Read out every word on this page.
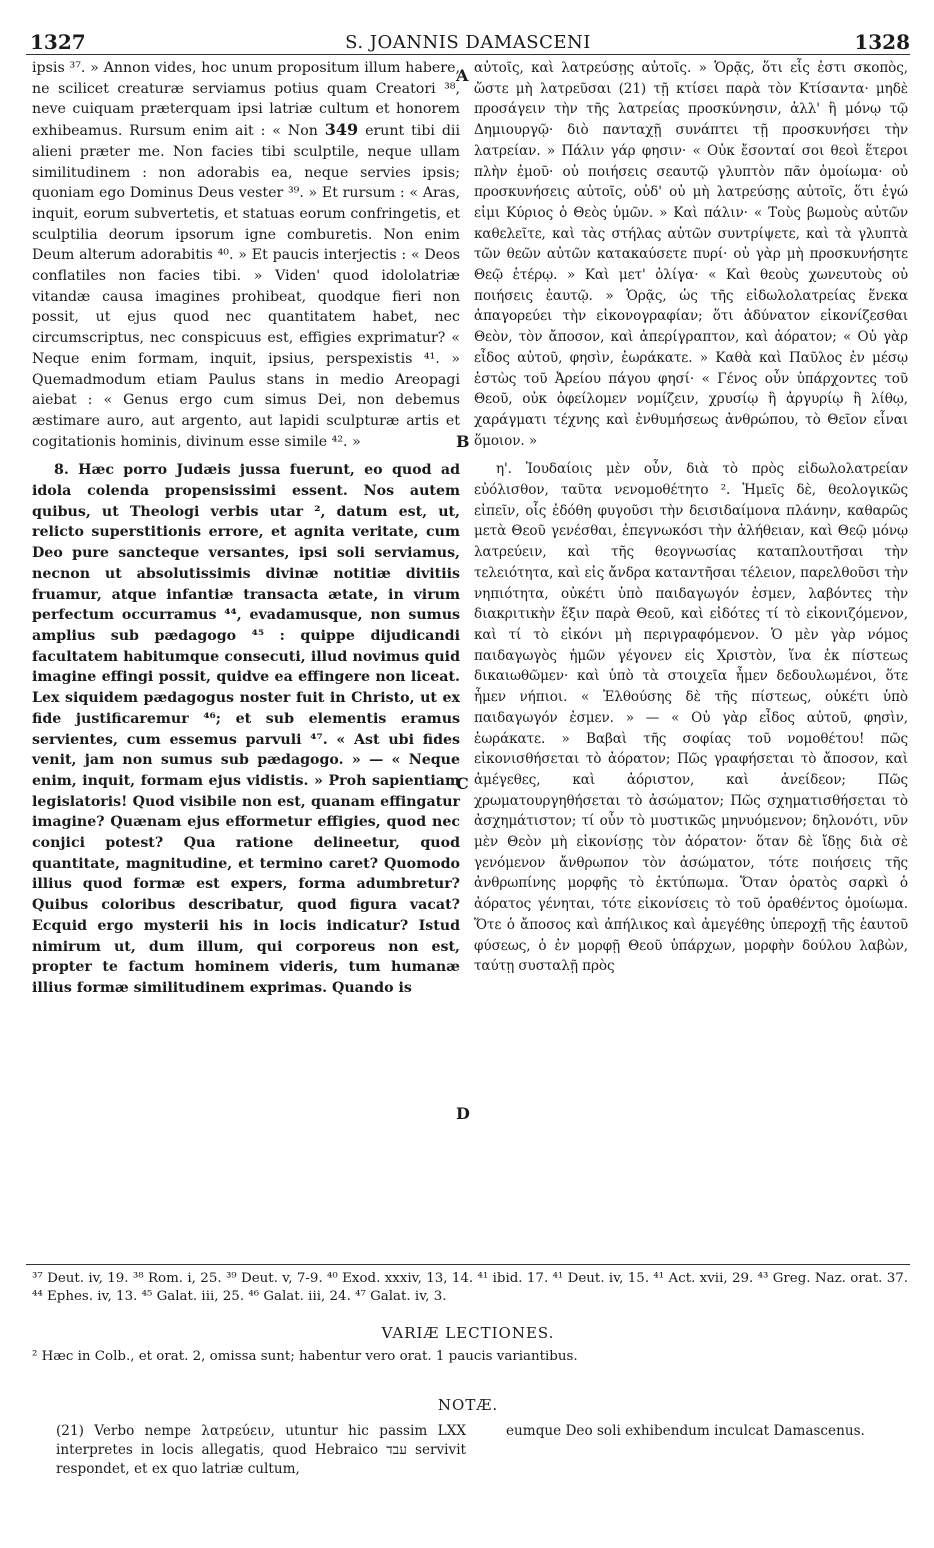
1327	S. JOANNIS DAMASCENI	1328

ipsis ³⁷. » Annon vides, hoc unum propositum illum habere, ne scilicet creaturæ serviamus potius quam Creatori ³⁸, neve cuiquam præterquam ipsi latriæ cultum et honorem exhibeamus. Rursum enim ait : « Non 349 erunt tibi dii alieni præter me. Non facies tibi sculptile, neque ullam similitudinem : non adorabis ea, neque servies ipsis; quoniam ego Dominus Deus vester ³⁹. » Et rursum : « Aras, inquit, eorum subvertetis, et statuas eorum confringetis, et sculptilia deorum ipsorum igne comburetis. Non enim Deum alterum adorabitis ⁴⁰. » Et paucis interjectis : « Deos conflatiles non facies tibi. » Viden' quod idololatriæ vitandæ causa imagines prohibeat, quodque fieri non possit, ut ejus quod nec quantitatem habet, nec circumscriptus, nec conspicuus est, effigies exprimatur? « Neque enim formam, inquit, ipsius, perspexistis ⁴¹. » Quemadmodum etiam Paulus stans in medio Areopagi aiebat : « Genus ergo cum simus Dei, non debemus æstimare auro, aut argento, aut lapidi sculpturæ artis et cogitationis hominis, divinum esse simile ⁴². »

8. Hæc porro Judæis jussa fuerunt, eo quod ad idola colenda propensissimi essent. Nos autem quibus, ut Theologi verbis utar ², datum est, ut, relicto superstitionis errore, et agnita veritate, cum Deo pure sancteque versantes, ipsi soli serviamus, necnon ut absolutissimis divinæ notitiæ divitiis fruamur, atque infantiæ transacta ætate, in virum perfectum occurramus ⁴⁴, evadamusque, non sumus amplius sub pædagogo ⁴⁵ : quippe dijudicandi facultatem habitumque consecuti, illud novimus quid imagine effingi possit, quidve ea effingere non liceat. Lex siquidem pædagogus noster fuit in Christo, ut ex fide justificaremur ⁴⁶; et sub elementis eramus servientes, cum essemus parvuli ⁴⁷. « Ast ubi fides venit, jam non sumus sub pædagogo. » — « Neque enim, inquit, formam ejus vidistis. » Proh sapientiam legislatoris! Quod visibile non est, quanam effingatur imagine? Quænam ejus efformetur effigies, quod nec conjici potest? Qua ratione delineetur, quod quantitate, magnitudine, et termino caret? Quomodo illius quod formæ est expers, forma adumbretur? Quibus coloribus describatur, quod figura vacat? Ecquid ergo mysterii his in locis indicatur? Istud nimirum ut, dum illum, qui corporeus non est, propter te factum hominem videris, tum humanæ illius formæ similitudinem exprimas. Quando is

A
B
C
D

αὐτοῖς, καὶ λατρεύσῃς αὐτοῖς. » Ὁρᾷς, ὅτι εἷς ἐστι σκοπὸς, ὥστε μὴ λατρεῦσαι (21) τῇ κτίσει παρὰ τὸν Κτίσαντα· μηδὲ προσάγειν τὴν τῆς λατρείας προσκύνησιν, ἀλλ' ἢ μόνῳ τῷ Δημιουργῷ· διὸ πανταχῇ συνάπτει τῇ προσκυνήσει τὴν λατρείαν. » Πάλιν γάρ φησιν· « Οὐκ ἔσονταί σοι θεοὶ ἕτεροι πλὴν ἐμοῦ· οὐ ποιήσεις σεαυτῷ γλυπτὸν πᾶν ὁμοίωμα· οὐ προσκυνήσεις αὐτοῖς, οὐδ' οὐ μὴ λατρεύσῃς αὐτοῖς, ὅτι ἐγώ εἰμι Κύριος ὁ Θεὸς ὑμῶν. » Καὶ πάλιν· « Τοὺς βωμοὺς αὐτῶν καθελεῖτε, καὶ τὰς στήλας αὐτῶν συντρίψετε, καὶ τὰ γλυπτὰ τῶν θεῶν αὐτῶν κατακαύσετε πυρί· οὐ γὰρ μὴ προσκυνήσητε Θεῷ ἑτέρῳ. » Καὶ μετ' ὀλίγα· « Καὶ θεοὺς χωνευτοὺς οὐ ποιήσεις ἑαυτῷ. » Ὁρᾷς, ὡς τῆς εἰδωλολατρείας ἕνεκα ἀπαγορεύει τὴν εἰκονογραφίαν; ὅτι ἀδύνατον εἰκονίζεσθαι Θεὸν, τὸν ἄποσον, καὶ ἀπερίγραπτον, καὶ ἀόρατον; « Οὐ γὰρ εἶδος αὐτοῦ, φησὶν, ἑωράκατε. » Καθὰ καὶ Παῦλος ἐν μέσῳ ἑστὼς τοῦ Ἀρείου πάγου φησί· « Γένος οὖν ὑπάρχοντες τοῦ Θεοῦ, οὐκ ὀφείλομεν νομίζειν, χρυσίῳ ἢ ἀργυρίῳ ἢ λίθῳ, χαράγματι τέχνης καὶ ἐνθυμήσεως ἀνθρώπου, τὸ Θεῖον εἶναι ὅμοιον. »

η'. Ἰουδαίοις μὲν οὖν, διὰ τὸ πρὸς εἰδωλολατρείαν εὐόλισθον, ταῦτα νενομοθέτητο ². Ἡμεῖς δὲ, θεολογικῶς εἰπεῖν, οἷς ἐδόθη φυγοῦσι τὴν δεισιδαίμονα πλάνην, καθαρῶς μετὰ Θεοῦ γενέσθαι, ἐπεγνωκόσι τὴν ἀλήθειαν, καὶ Θεῷ μόνῳ λατρεύειν, καὶ τῆς θεογνωσίας καταπλουτῆσαι τὴν τελειότητα, καὶ εἰς ἄνδρα καταντῆσαι τέλειον, παρελθοῦσι τὴν νηπιότητα, οὐκέτι ὑπὸ παιδαγωγόν ἐσμεν, λαβόντες τὴν διακριτικὴν ἕξιν παρὰ Θεοῦ, καὶ εἰδότες τί τὸ εἰκονιζόμενον, καὶ τί τὸ εἰκόνι μὴ περιγραφόμενον. Ὁ μὲν γὰρ νόμος παιδαγωγὸς ἡμῶν γέγονεν εἰς Χριστὸν, ἵνα ἐκ πίστεως δικαιωθῶμεν· καὶ ὑπὸ τὰ στοιχεῖα ἦμεν δεδουλωμένοι, ὅτε ἦμεν νήπιοι. « Ἐλθούσης δὲ τῆς πίστεως, οὐκέτι ὑπὸ παιδαγωγόν ἐσμεν. » — « Οὐ γὰρ εἶδος αὐτοῦ, φησὶν, ἑωράκατε. » Βαβαὶ τῆς σοφίας τοῦ νομοθέτου! πῶς εἰκονισθήσεται τὸ ἀόρατον; Πῶς γραφήσεται τὸ ἄποσον, καὶ ἀμέγεθες, καὶ ἀόριστον, καὶ ἀνείδεον; Πῶς χρωματουργηθήσεται τὸ ἀσώματον; Πῶς σχηματισθήσεται τὸ ἀσχημάτιστον; τί οὖν τὸ μυστικῶς μηνυόμενον; δηλονότι, νῦν μὲν Θεὸν μὴ εἰκονίσῃς τὸν ἀόρατον· ὅταν δὲ ἴδῃς διὰ σὲ γενόμενον ἄνθρωπον τὸν ἀσώματον, τότε ποιήσεις τῆς ἀνθρωπίνης μορφῆς τὸ ἐκτύπωμα. Ὅταν ὁρατὸς σαρκὶ ὁ ἀόρατος γένηται, τότε εἰκονίσεις τὸ τοῦ ὁραθέντος ὁμοίωμα. Ὅτε ὁ ἄποσος καὶ ἀπήλικος καὶ ἀμεγέθης ὑπεροχῇ τῆς ἑαυτοῦ φύσεως, ὁ ἐν μορφῇ Θεοῦ ὑπάρχων, μορφὴν δούλου λαβὼν, ταύτῃ συσταλῇ πρὸς

³⁷ Deut. iv, 19. ³⁸ Rom. i, 25. ³⁹ Deut. v, 7-9. ⁴⁰ Exod. xxxiv, 13, 14. ⁴¹ ibid. 17. ⁴¹ Deut. iv, 15. ⁴¹ Act. xvii, 29. ⁴³ Greg. Naz. orat. 37. ⁴⁴ Ephes. iv, 13. ⁴⁵ Galat. iii, 25. ⁴⁶ Galat. iii, 24. ⁴⁷ Galat. iv, 3.
VARIÆ LECTIONES.
² Hæc in Colb., et orat. 2, omissa sunt; habentur vero orat. 1 paucis variantibus.
NOTÆ.
(21) Verbo nempe λατρεύειν, utuntur hic passim LXX interpretes in locis allegatis, quod Hebraico עבד servivit respondet, et ex quo latriæ cultum,
eumque Deo soli exhibendum inculcat Damascenus.
